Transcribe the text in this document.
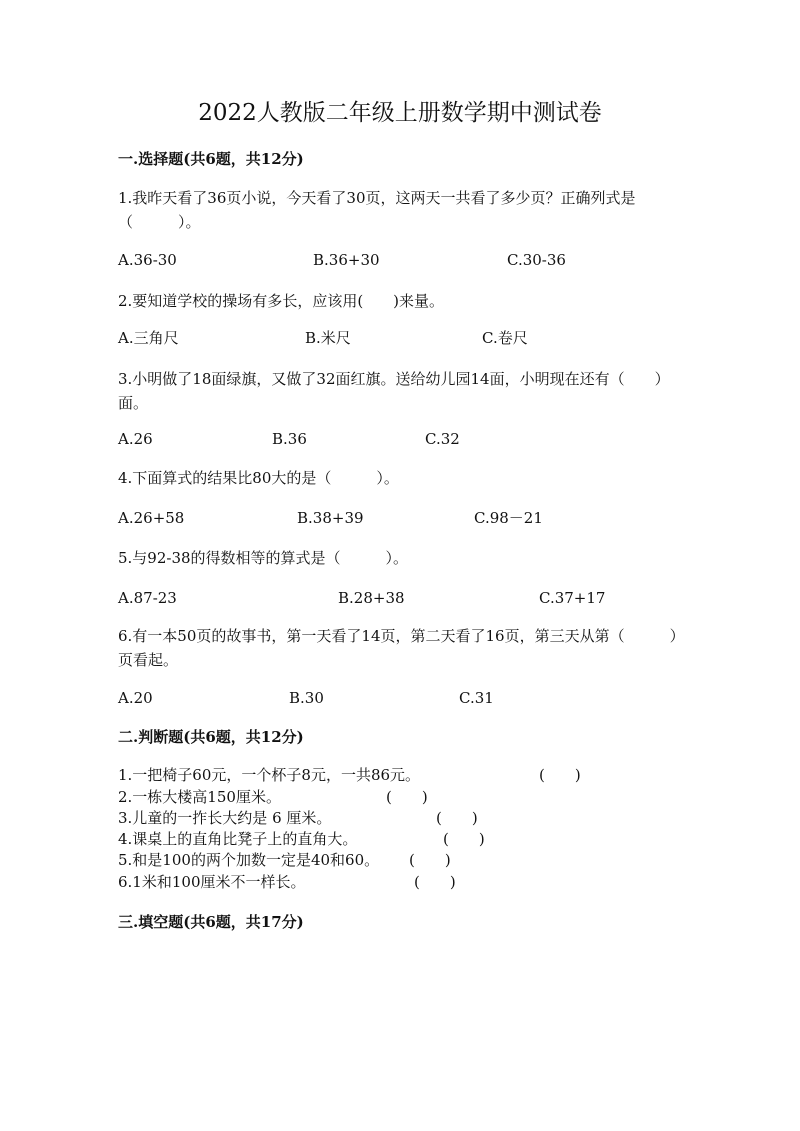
2022人教版二年级上册数学期中测试卷
一.选择题(共6题，共12分)
1.我昨天看了36页小说，今天看了30页，这两天一共看了多少页？正确列式是（　　　）。
A.36-30	B.36+30	C.30-36
2.要知道学校的操场有多长，应该用(　　)来量。
A.三角尺	B.米尺	C.卷尺
3.小明做了18面绿旗，又做了32面红旗。送给幼儿园14面，小明现在还有（　　）面。
A.26	B.36	C.32
4.下面算式的结果比80大的是（　　　）。
A.26+58	B.38+39	C.98－21
5.与92-38的得数相等的算式是（　　　）。
A.87-23	B.28+38	C.37+17
6.有一本50页的故事书，第一天看了14页，第二天看了16页，第三天从第（　　　）页看起。
A.20	B.30	C.31
二.判断题(共6题，共12分)
1.一把椅子60元，一个杯子8元，一共86元。	(　　)
2.一栋大楼高150厘米。	(　　)
3.儿童的一拃长大约是 6 厘米。	(　　)
4.课桌上的直角比凳子上的直角大。	(　　)
5.和是100的两个加数一定是40和60。 (　　)
6.1米和100厘米不一样长。	(　　)
三.填空题(共6题，共17分)
